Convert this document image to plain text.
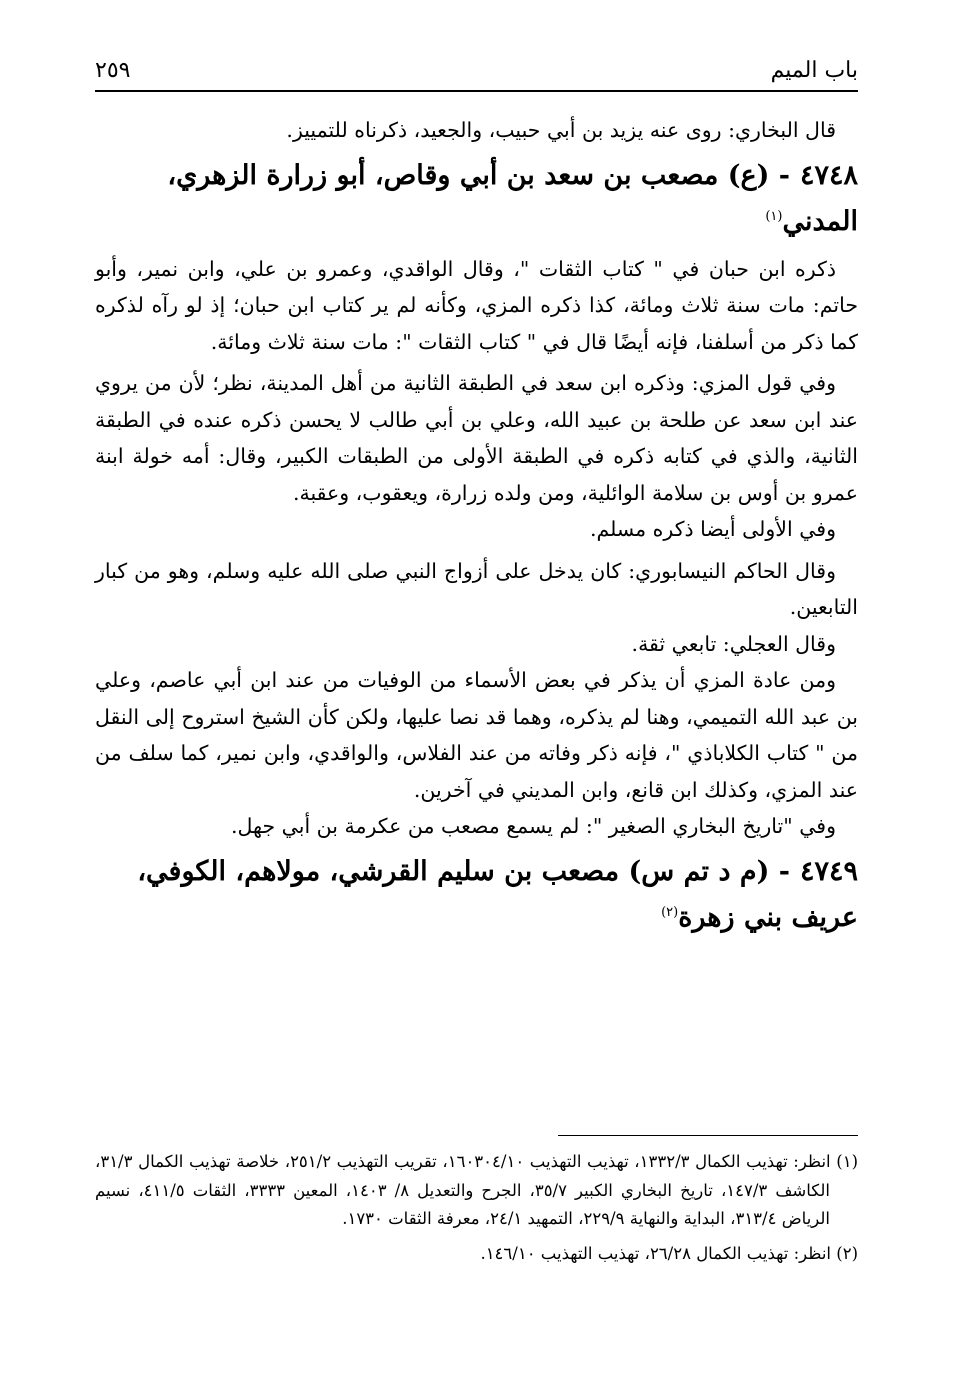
باب الميم
٢٥٩

قال البخاري: روى عنه يزيد بن أبي حبيب، والجعيد، ذكرناه للتمييز.

٤٧٤٨- (ع) مصعب بن سعد بن أبي وقاص، أبو زرارة الزهري،
المدني$^{(١)}$

ذكره ابن حبان في " كتاب الثقات "، وقال الواقدي، وعمرو بن علي، وابن نمير، وأبو حاتم: مات سنة ثلاث ومائة، كذا ذكره المزي، وكأنه لم ير كتاب ابن حبان؛ إذ لو رآه لذكره كما ذكر من أسلفنا، فإنه أيضًا قال في " كتاب الثقات ": مات سنة ثلاث ومائة.

وفي قول المزي: وذكره ابن سعد في الطبقة الثانية من أهل المدينة، نظر؛ لأن من يروي عند ابن سعد عن طلحة بن عبيد الله، وعلي بن أبي طالب لا يحسن ذكره عنده في الطبقة الثانية، والذي في كتابه ذكره في الطبقة الأولى من الطبقات الكبير، وقال: أمه خولة ابنة عمرو بن أوس بن سلامة الوائلية، ومن ولده زرارة، ويعقوب، وعقبة.

وفي الأولى أيضا ذكره مسلم.

وقال الحاكم النيسابوري: كان يدخل على أزواج النبي صلى الله عليه وسلم، وهو من كبار التابعين.

وقال العجلي: تابعي ثقة.

ومن عادة المزي أن يذكر في بعض الأسماء من الوفيات من عند ابن أبي عاصم، وعلي بن عبد الله التميمي، وهنا لم يذكره، وهما قد نصا عليها، ولكن كأن الشيخ استروح إلى النقل من " كتاب الكلاباذي "، فإنه ذكر وفاته من عند الفلاس، والواقدي، وابن نمير، كما سلف من عند المزي، وكذلك ابن قانع، وابن المديني في آخرين.

وفي "تاريخ البخاري الصغير ": لم يسمع مصعب من عكرمة بن أبي جهل.

٤٧٤٩- (م د تم س) مصعب بن سليم القرشي، مولاهم، الكوفي،
عريف بني زهرة$^{(٢)}$

(١) انظر: تهذيب الكمال ١٣٣٢/٣، تهذيب التهذيب ١٦٠٣٠٤/١٠، تقريب التهذيب ٢٥١/٢، خلاصة تهذيب الكمال ٣١/٣، الكاشف ١٤٧/٣، تاريخ البخاري الكبير ٣٥/٧، الجرح والتعديل ٨/ ١٤٠٣، المعين ٣٣٣٣، الثقات ٤١١/٥، نسيم الرياض ٣١٣/٤، البداية والنهاية ٢٢٩/٩، التمهيد ٢٤/١، معرفة الثقات ١٧٣٠.

(٢) انظر: تهذيب الكمال ٢٦/٢٨، تهذيب التهذيب ١٤٦/١٠.
